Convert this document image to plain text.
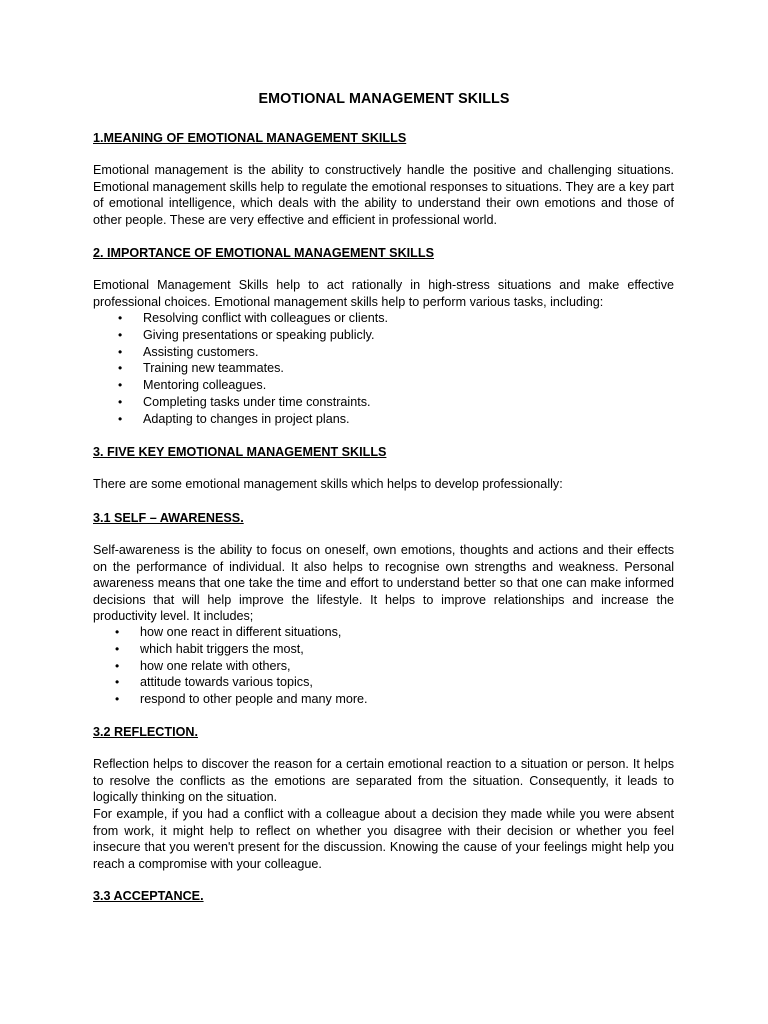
EMOTIONAL MANAGEMENT SKILLS
1.MEANING OF EMOTIONAL MANAGEMENT SKILLS

Emotional management is the ability to constructively handle the positive and challenging situations. Emotional management skills help to regulate the emotional responses to situations. They are a key part of emotional intelligence, which deals with the ability to understand their own emotions and those of other people. These are very effective and efficient in professional world.

2. IMPORTANCE OF EMOTIONAL MANAGEMENT SKILLS

Emotional Management Skills help to act rationally in high-stress situations and make effective professional choices. Emotional management skills help to perform various tasks, including:

• Resolving conflict with colleagues or clients.
• Giving presentations or speaking publicly.
• Assisting customers.
• Training new teammates.
• Mentoring colleagues.
• Completing tasks under time constraints.
• Adapting to changes in project plans.
3. FIVE KEY EMOTIONAL MANAGEMENT SKILLS

There are some emotional management skills which helps to develop professionally:

3.1 SELF – AWARENESS.

Self-awareness is the ability to focus on oneself, own emotions, thoughts and actions and their effects on the performance of individual. It also helps to recognise own strengths and weakness. Personal awareness means that one take the time and effort to understand better so that one can make informed decisions that will help improve the lifestyle. It helps to improve relationships and increase the productivity level. It includes;

• how one react in different situations,
• which habit triggers the most,
• how one relate with others,
• attitude towards various topics,
• respond to other people and many more.
3.2 REFLECTION.

Reflection helps to discover the reason for a certain emotional reaction to a situation or person. It helps to resolve the conflicts as the emotions are separated from the situation. Consequently, it leads to logically thinking on the situation.

For example, if you had a conflict with a colleague about a decision they made while you were absent from work, it might help to reflect on whether you disagree with their decision or whether you feel insecure that you weren't present for the discussion. Knowing the cause of your feelings might help you reach a compromise with your colleague.

3.3 ACCEPTANCE.
